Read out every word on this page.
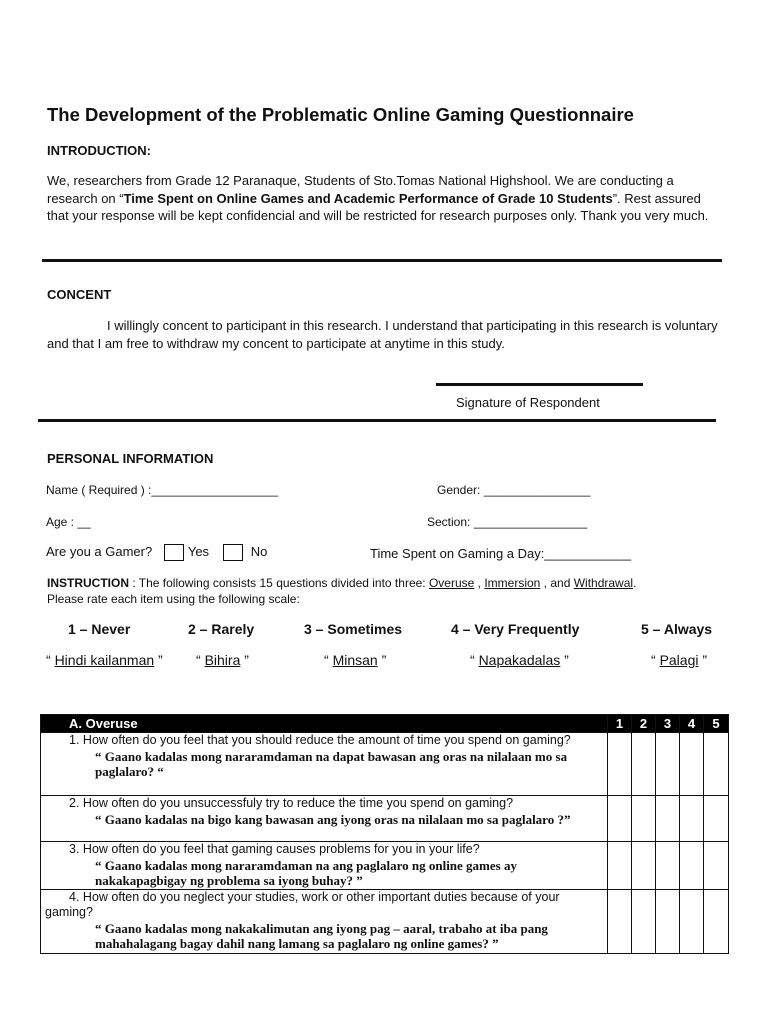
The Development of the Problematic Online Gaming Questionnaire
INTRODUCTION:
We, researchers from Grade 12 Paranaque, Students of Sto.Tomas National Highshool. We are conducting a research on “Time Spent on Online Games and Academic Performance of Grade 10 Students”. Rest assured that your response will be kept confidencial and will be restricted for research purposes only. Thank you very much.
CONCENT
I willingly concent to participant in this research. I understand that participating in this research is voluntary and that I am free to withdraw my concent to participate at anytime in this study.
Signature of Respondent
PERSONAL INFORMATION
Name ( Required ) :___________________	Gender: ________________
Age : __	Section: _________________
Are you a Gamer?	Yes	No	Time Spent on Gaming a Day:____________
INSTRUCTION : The following consists 15 questions divided into three: Overuse , Immersion , and Withdrawal.
Please rate each item using the following scale:
1 – Never	2 – Rarely	3 – Sometimes	4 – Very Frequently	5 – Always
“ Hindi kailanman ” “ Bihira ”	“ Minsan ”	“ Napakadalas ”	“ Palagi ”
A. Overuse	1	2	3	4	5
1. How often do you feel that you should reduce the amount of time you spend on gaming?
“ Gaano kadalas mong nararamdaman na dapat bawasan ang oras na nilalaan mo sa paglalaro? “					

2. How often do you unsuccessfuly try to reduce the time you spend on gaming?
“ Gaano kadalas na bigo kang bawasan ang iyong oras na nilalaan mo sa paglalaro ?”					

3. How often do you feel that gaming causes problems for you in your life?
“ Gaano kadalas mong nararamdaman na ang paglalaro ng online games ay nakakapagbigay ng problema sa iyong buhay? ”					

4. How often do you neglect your studies, work or other important duties because of your gaming?
“ Gaano kadalas mong nakakalimutan ang iyong pag – aaral, trabaho at iba pang mahahalagang bagay dahil nang lamang sa paglalaro ng online games? ”					
